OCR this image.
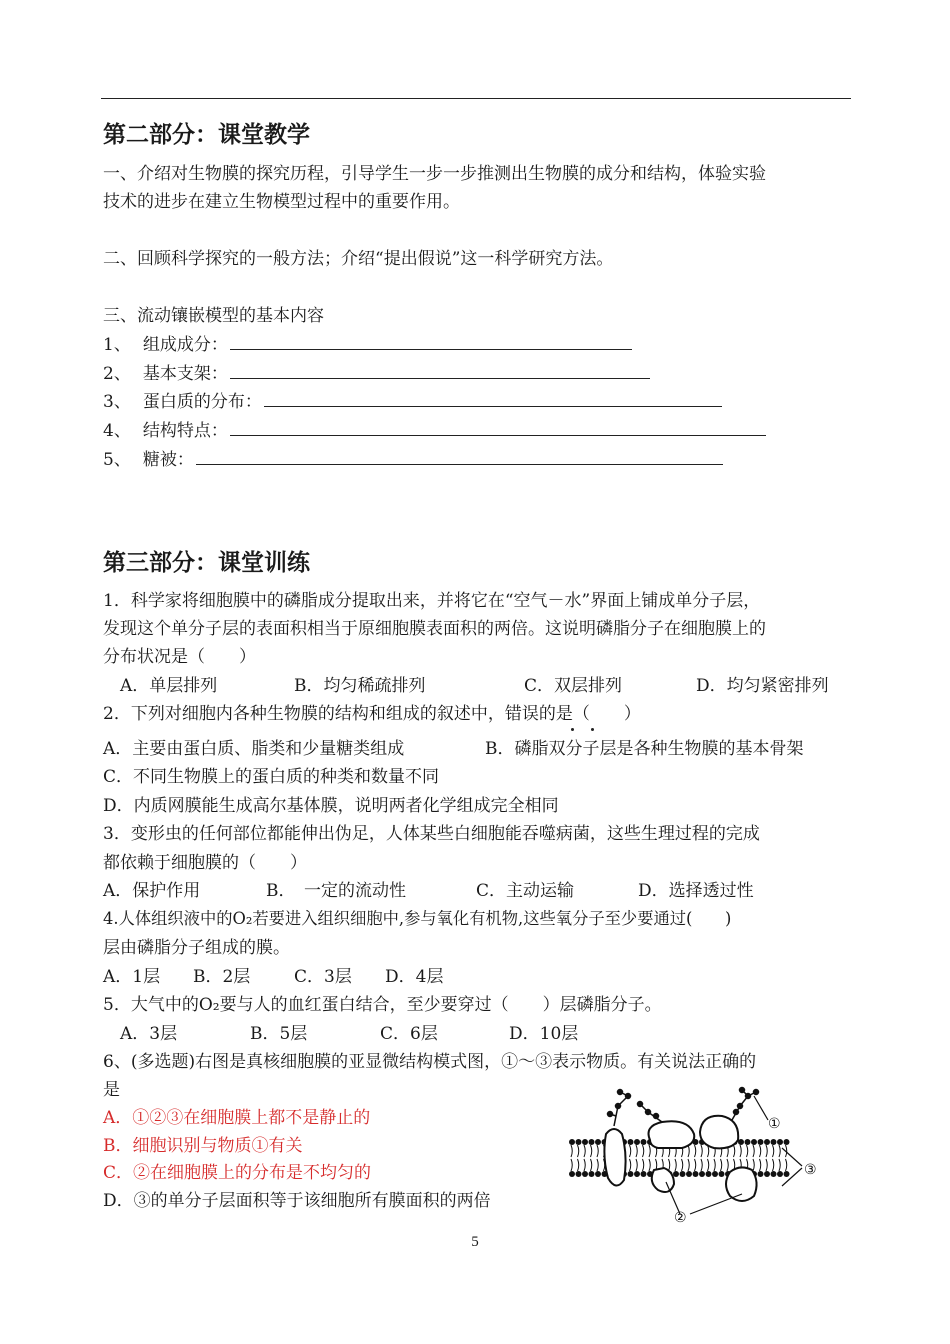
第二部分：课堂教学
一、介绍对生物膜的探究历程，引导学生一步一步推测出生物膜的成分和结构，体验实验
技术的进步在建立生物模型过程中的重要作用。
二、回顾科学探究的一般方法；介绍“提出假说”这一科学研究方法。
三、流动镶嵌模型的基本内容
1、 组成成分：
2、 基本支架：
3、 蛋白质的分布：
4、 结构特点：
5、 糖被：
第三部分：课堂训练
1．科学家将细胞膜中的磷脂成分提取出来，并将它在“空气－水”界面上铺成单分子层，
发现这个单分子层的表面积相当于原细胞膜表面积的两倍。这说明磷脂分子在细胞膜上的
分布状况是（　　）
A．单层排列	B．均匀稀疏排列	C．双层排列	D．均匀紧密排列
2．下列对细胞内各种生物膜的结构和组成的叙述中，错误的是（　　）
A．主要由蛋白质、脂类和少量糖类组成	B．磷脂双分子层是各种生物膜的基本骨架
C．不同生物膜上的蛋白质的种类和数量不同
D．内质网膜能生成高尔基体膜，说明两者化学组成完全相同
3．变形虫的任何部位都能伸出伪足，人体某些白细胞能吞噬病菌，这些生理过程的完成
都依赖于细胞膜的（　　）
A．保护作用	B．　一定的流动性	C．主动运输	D．选择透过性
4.人体组织液中的O₂若要进入组织细胞中,参与氧化有机物,这些氧分子至少要通过(　　)
层由磷脂分子组成的膜。
A．1层 B．2层	C．3层 D．4层
5．大气中的O₂要与人的血红蛋白结合，至少要穿过（　　）层磷脂分子。
A．3层	B．5层	C．6层	D．10层
6、(多选题)右图是真核细胞膜的亚显微结构模式图，①～③表示物质。有关说法正确的
是
A．①②③在细胞膜上都不是静止的
B．细胞识别与物质①有关
C．②在细胞膜上的分布是不均匀的
D．③的单分子层面积等于该细胞所有膜面积的两倍
①
③
②
5
